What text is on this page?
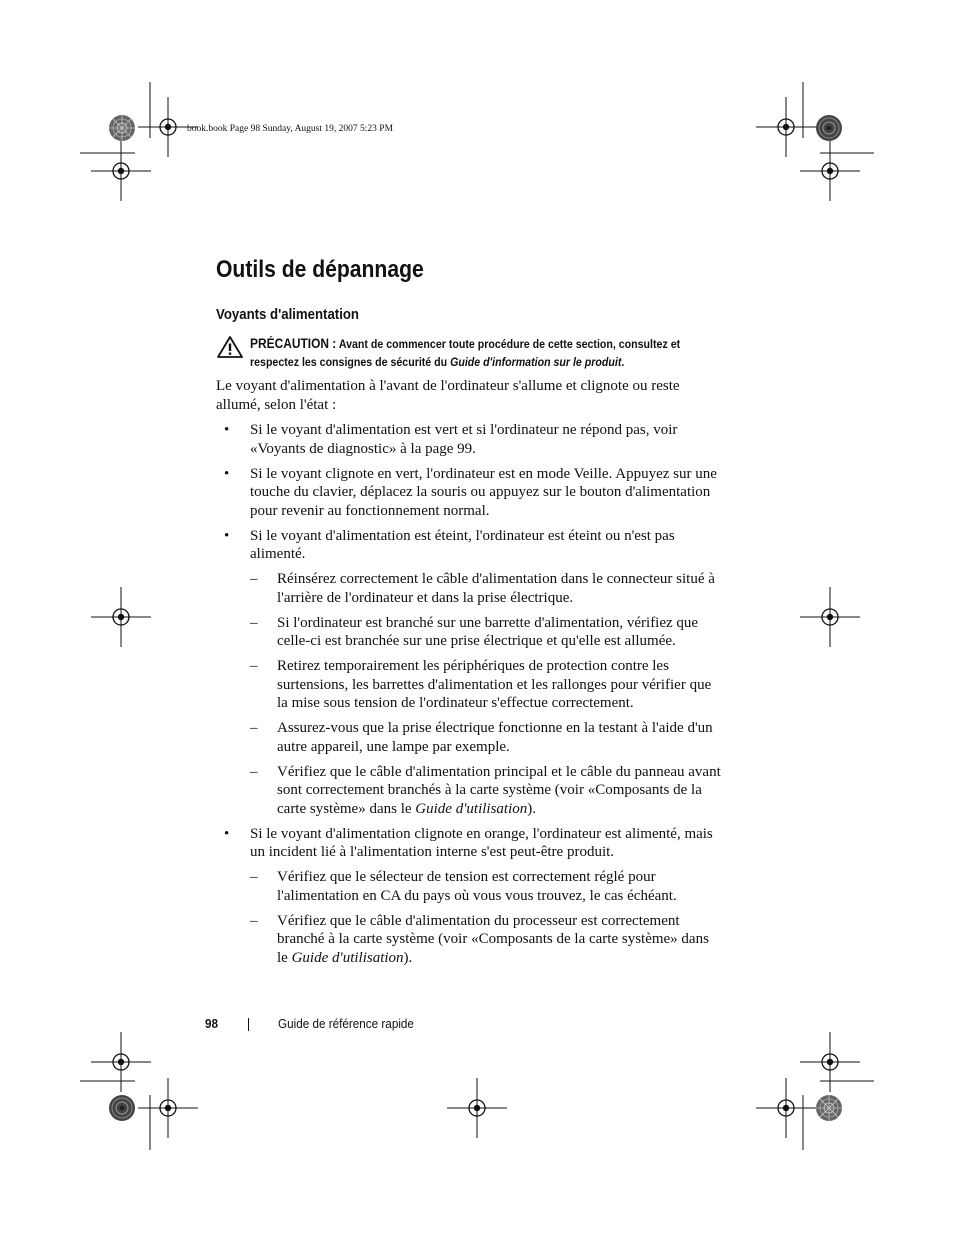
book.book Page 98 Sunday, August 19, 2007 5:23 PM
Outils de dépannage
Voyants d'alimentation
PRÉCAUTION : Avant de commencer toute procédure de cette section, consultez et respectez les consignes de sécurité du Guide d'information sur le produit.

Le voyant d'alimentation à l'avant de l'ordinateur s'allume et clignote ou reste allumé, selon l'état :

• Si le voyant d'alimentation est vert et si l'ordinateur ne répond pas, voir «Voyants de diagnostic» à la page 99.
• Si le voyant clignote en vert, l'ordinateur est en mode Veille. Appuyez sur une touche du clavier, déplacez la souris ou appuyez sur le bouton d'alimentation pour revenir au fonctionnement normal.
• Si le voyant d'alimentation est éteint, l'ordinateur est éteint ou n'est pas alimenté.
– Réinsérez correctement le câble d'alimentation dans le connecteur situé à l'arrière de l'ordinateur et dans la prise électrique.
– Si l'ordinateur est branché sur une barrette d'alimentation, vérifiez que celle-ci est branchée sur une prise électrique et qu'elle est allumée.
– Retirez temporairement les périphériques de protection contre les surtensions, les barrettes d'alimentation et les rallonges pour vérifier que la mise sous tension de l'ordinateur s'effectue correctement.
– Assurez-vous que la prise électrique fonctionne en la testant à l'aide d'un autre appareil, une lampe par exemple.
– Vérifiez que le câble d'alimentation principal et le câble du panneau avant sont correctement branchés à la carte système (voir «Composants de la carte système» dans le Guide d'utilisation).
• Si le voyant d'alimentation clignote en orange, l'ordinateur est alimenté, mais un incident lié à l'alimentation interne s'est peut-être produit.
– Vérifiez que le sélecteur de tension est correctement réglé pour l'alimentation en CA du pays où vous vous trouvez, le cas échéant.
– Vérifiez que le câble d'alimentation du processeur est correctement branché à la carte système (voir «Composants de la carte système» dans le Guide d'utilisation).
98	Guide de référence rapide
